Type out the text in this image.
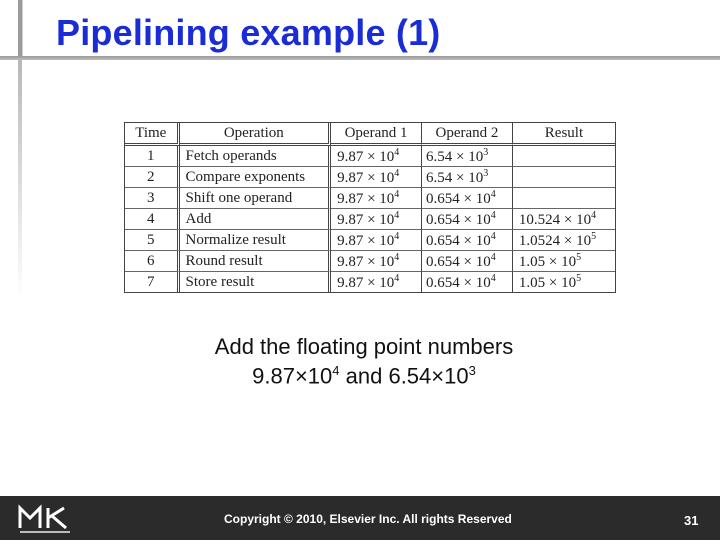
Pipelining example (1)
Time	Operation	Operand 1	Operand 2	Result
1	Fetch operands	$9.87 \times 10^4$	$6.54 \times 10^3$	
2	Compare exponents	$9.87 \times 10^4$	$6.54 \times 10^3$	
3	Shift one operand	$9.87 \times 10^4$	$0.654 \times 10^4$	
4	Add	$9.87 \times 10^4$	$0.654 \times 10^4$	$10.524 \times 10^4$
5	Normalize result	$9.87 \times 10^4$	$0.654 \times 10^4$	$1.0524 \times 10^5$
6	Round result	$9.87 \times 10^4$	$0.654 \times 10^4$	$1.05 \times 10^5$
7	Store result	$9.87 \times 10^4$	$0.654 \times 10^4$	$1.05 \times 10^5$
Add the floating point numbers
$9.87\times 10^4$ and $6.54\times 10^3$
Copyright © 2010, Elsevier Inc. All rights Reserved	31
